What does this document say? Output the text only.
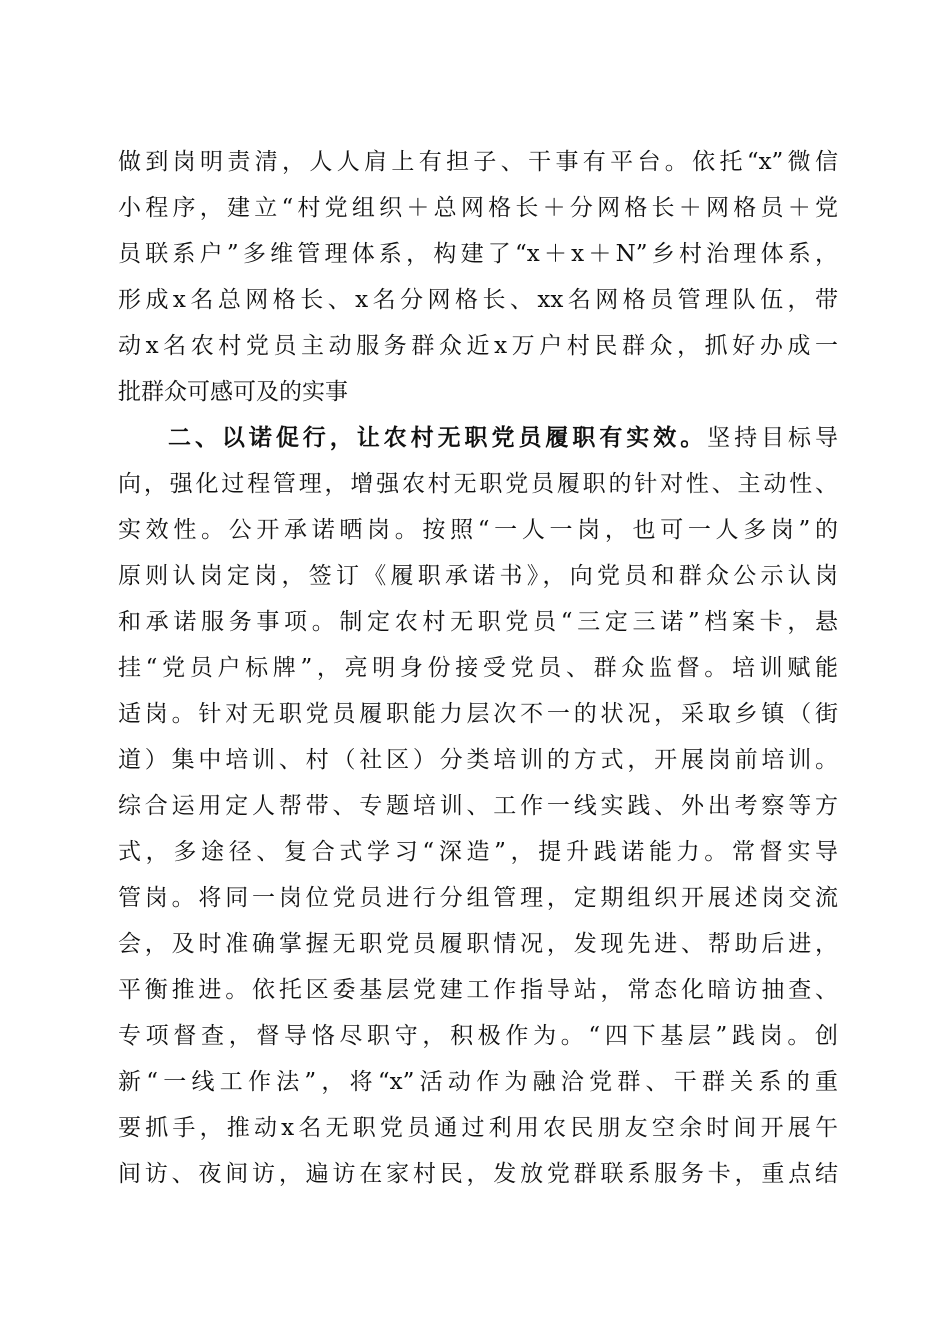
做到岗明责清，人人肩上有担子、干事有平台。依托“x”微信
小程序，建立“村党组织＋总网格长＋分网格长＋网格员＋党
员联系户”多维管理体系，构建了“x＋x＋N”乡村治理体系，
形成x名总网格长、x名分网格长、xx名网格员管理队伍，带
动x名农村党员主动服务群众近x万户村民群众，抓好办成一
批群众可感可及的实事
二、以诺促行，让农村无职党员履职有实效。坚持目标导
向，强化过程管理，增强农村无职党员履职的针对性、主动性、
实效性。公开承诺晒岗。按照“一人一岗，也可一人多岗”的
原则认岗定岗，签订《履职承诺书》，向党员和群众公示认岗
和承诺服务事项。制定农村无职党员“三定三诺”档案卡，悬
挂“党员户标牌”，亮明身份接受党员、群众监督。培训赋能
适岗。针对无职党员履职能力层次不一的状况，采取乡镇（街
道）集中培训、村（社区）分类培训的方式，开展岗前培训。
综合运用定人帮带、专题培训、工作一线实践、外出考察等方
式，多途径、复合式学习“深造”，提升践诺能力。常督实导
管岗。将同一岗位党员进行分组管理，定期组织开展述岗交流
会，及时准确掌握无职党员履职情况，发现先进、帮助后进，
平衡推进。依托区委基层党建工作指导站，常态化暗访抽查、
专项督查，督导恪尽职守，积极作为。“四下基层”践岗。创
新“一线工作法”，将“x”活动作为融洽党群、干群关系的重
要抓手，推动x名无职党员通过利用农民朋友空余时间开展午
间访、夜间访，遍访在家村民，发放党群联系服务卡，重点结
